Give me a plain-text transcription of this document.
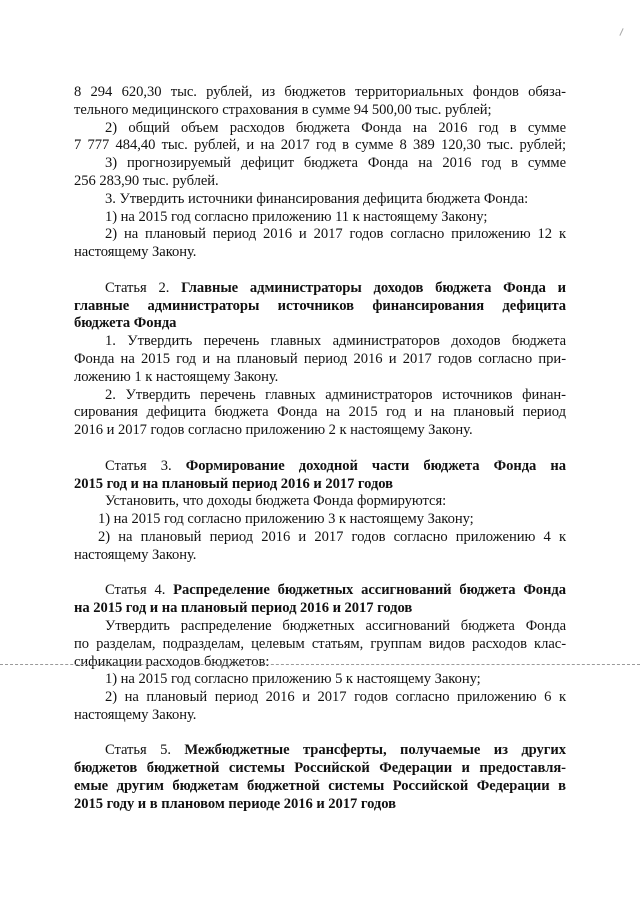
8 294 620,30 тыс. рублей, из бюджетов территориальных фондов обяза-
тельного медицинского страхования в сумме 94 500,00 тыс. рублей;
2) общий объем расходов бюджета Фонда на 2016 год в сумме
7 777 484,40 тыс. рублей, и на 2017 год в сумме 8 389 120,30 тыс. рублей;
3) прогнозируемый дефицит бюджета Фонда на 2016 год в сумме
256 283,90 тыс. рублей.
3. Утвердить источники финансирования дефицита бюджета Фонда:
1) на 2015 год согласно приложению 11 к настоящему Закону;
2) на плановый период 2016 и 2017 годов согласно приложению 12 к
настоящему Закону.
Статья 2. Главные администраторы доходов бюджета Фонда и
главные администраторы источников финансирования дефицита
бюджета Фонда
1. Утвердить перечень главных администраторов доходов бюджета
Фонда на 2015 год и на плановый период 2016 и 2017 годов согласно при-
ложению 1 к настоящему Закону.
2. Утвердить перечень главных администраторов источников финан-
сирования дефицита бюджета Фонда на 2015 год и на плановый период
2016 и 2017 годов согласно приложению 2 к настоящему Закону.
Статья 3. Формирование доходной части бюджета Фонда на
2015 год и на плановый период 2016 и 2017 годов
Установить, что доходы бюджета Фонда формируются:
1) на 2015 год согласно приложению 3 к настоящему Закону;
2) на плановый период 2016 и 2017 годов согласно приложению 4 к
настоящему Закону.
Статья 4. Распределение бюджетных ассигнований бюджета Фонда
на 2015 год и на плановый период 2016 и 2017 годов
Утвердить распределение бюджетных ассигнований бюджета Фонда
по разделам, подразделам, целевым статьям, группам видов расходов клас-
сификации расходов бюджетов:
1) на 2015 год согласно приложению 5 к настоящему Закону;
2) на плановый период 2016 и 2017 годов согласно приложению 6 к
настоящему Закону.
Статья 5. Межбюджетные трансферты, получаемые из других
бюджетов бюджетной системы Российской Федерации и предоставля-
емые другим бюджетам бюджетной системы Российской Федерации в
2015 году и в плановом периоде 2016 и 2017 годов
